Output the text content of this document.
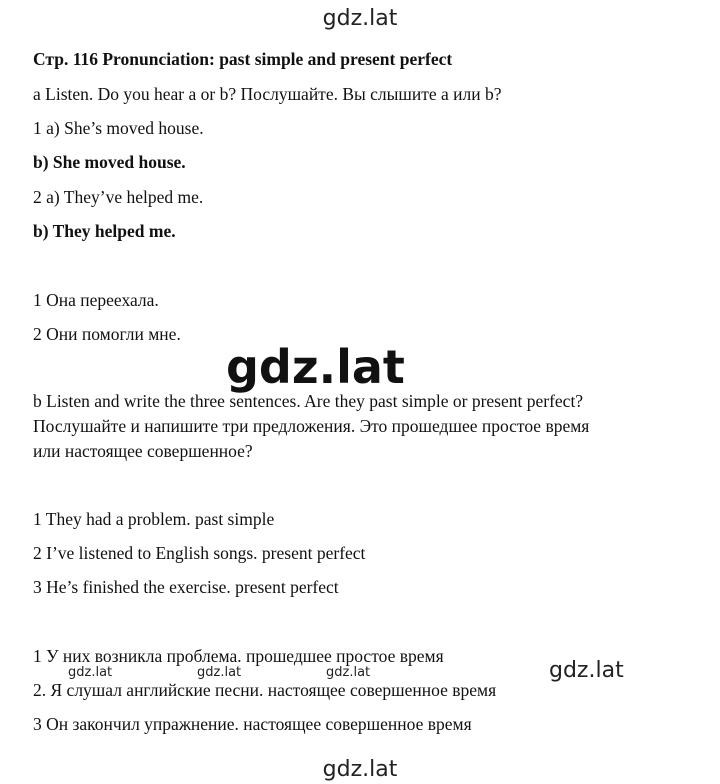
gdz.lat
Стр. 116 Pronunciation: past simple and present perfect
a Listen. Do you hear a or b? Послушайте. Вы слышите а или b?
1 a) She’s moved house.
b) She moved house.
2 a) They’ve helped me.
b) They helped me.
1 Она переехала.
2 Они помогли мне.
gdz.lat
b Listen and write the three sentences. Are they past simple or present perfect?
Послушайте и напишите три предложения. Это прошедшее простое время
или настоящее совершенное?
1 They had a problem. past simple
2 I’ve listened to English songs. present perfect
3 He’s finished the exercise. present perfect
1 У них возникла проблема. прошедшее простое время
gdz.lat	gdz.lat	gdz.lat	gdz.lat
2. Я слушал английские песни. настоящее совершенное время
3 Он закончил упражнение. настоящее совершенное время
gdz.lat
